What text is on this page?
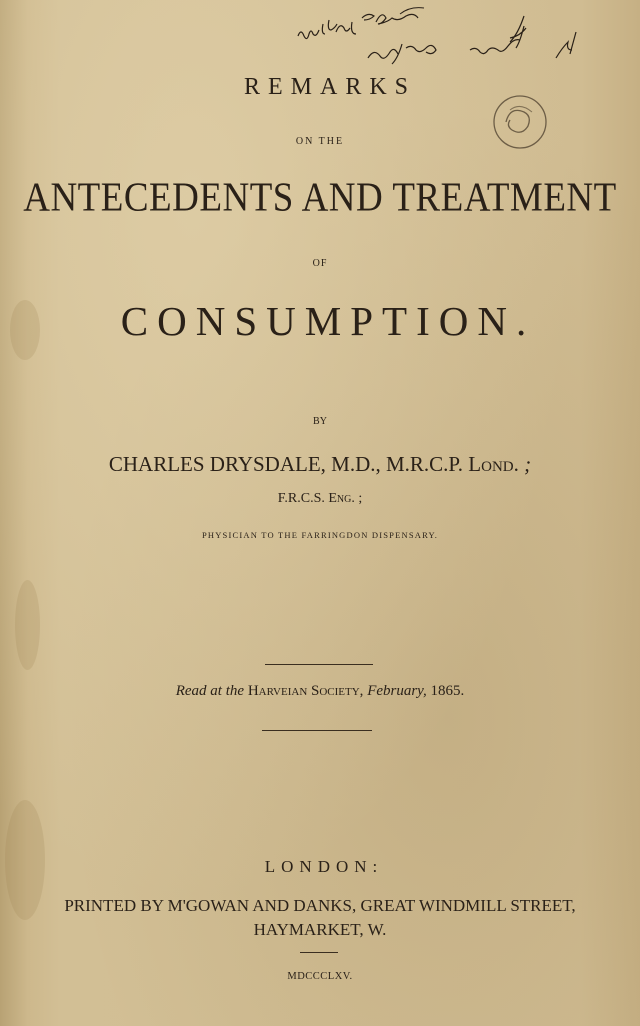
REMARKS
ON THE
ANTECEDENTS AND TREATMENT
OF
CONSUMPTION.
BY
CHARLES DRYSDALE, M.D., M.R.C.P. Lond. ;
F.R.C.S. Eng. ;
PHYSICIAN TO THE FARRINGDON DISPENSARY.
Read at the Harveian Society, February, 1865.
LONDON:
PRINTED BY M'GOWAN AND DANKS, GREAT WINDMILL STREET,
HAYMARKET, W.
MDCCCLXV.
